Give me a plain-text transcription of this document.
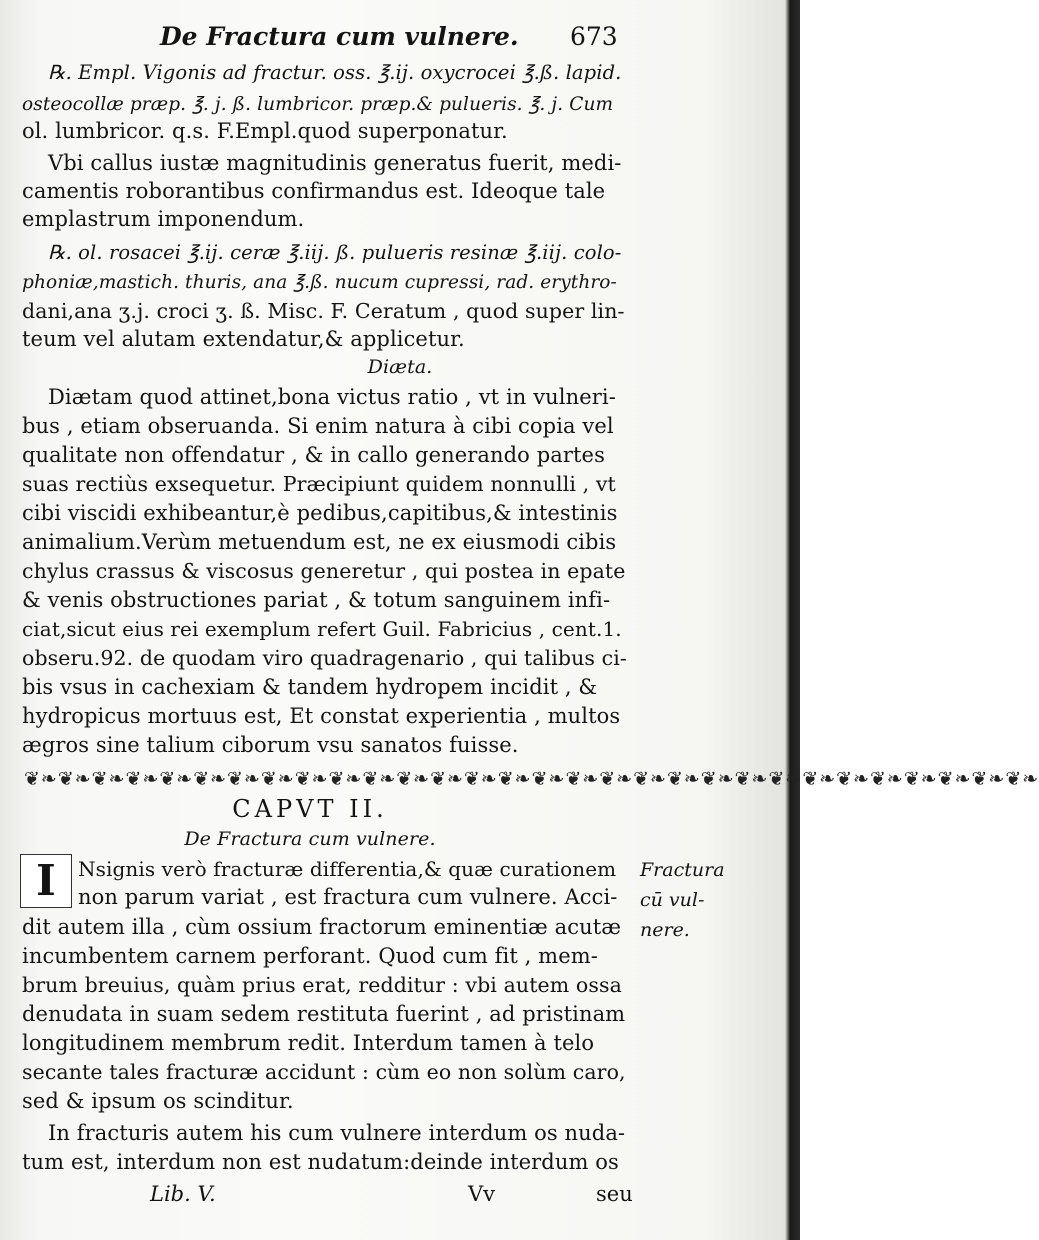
De Fractura cum vulnere. 673
℞. Empl. Vigonis ad fractur. oss. ℥.ij. oxycrocei ℥.ß. lapid.
osteocollæ præp. ℥. j. ß. lumbricor. præp.& pulueris. ℥. j. Cum
ol. lumbricor. q.s. F.Empl.quod superponatur.
Vbi callus iustæ magnitudinis generatus fuerit, medi-
camentis roborantibus confirmandus est. Ideoque tale
emplastrum imponendum.
℞. ol. rosacei ℥.ij. ceræ ℥.iij. ß. pulueris resinæ ℥.iij. colo-
phoniæ,mastich. thuris, ana ℥.ß. nucum cupressi, rad. erythro-
dani,ana ʒ.j. croci ʒ. ß. Misc. F. Ceratum , quod super lin-
teum vel alutam extendatur,& applicetur.
Diæta.
Diætam quod attinet,bona victus ratio , vt in vulneri-
bus , etiam obseruanda. Si enim natura à cibi copia vel
qualitate non offendatur , & in callo generando partes
suas rectiùs exsequetur. Præcipiunt quidem nonnulli , vt
cibi viscidi exhibeantur,è pedibus,capitibus,& intestinis
animalium.Verùm metuendum est, ne ex eiusmodi cibis
chylus crassus & viscosus generetur , qui postea in epate
& venis obstructiones pariat , & totum sanguinem infi-
ciat,sicut eius rei exemplum refert Guil. Fabricius , cent.1.
obseru.92. de quodam viro quadragenario , qui talibus ci-
bis vsus in cachexiam & tandem hydropem incidit , &
hydropicus mortuus est, Et constat experientia , multos
ægros sine talium ciborum vsu sanatos fuisse.
❦❧❦❧❦❧❦❧❦❧❦❧❦❧❦❧❦❧❦❧❦❧❦❧❦❧❦❧❦❧❦❧❦❧❦❧❦❧❦❧❦❧❦❧❦❧❦❧❦❧❦❧❦❧❦❧❦❧❦❧
CAPVT II.
De Fractura cum vulnere.
I	Nsignis verò fracturæ differentia,& quæ curationem
non parum variat , est fractura cum vulnere. Acci-
dit autem illa , cùm ossium fractorum eminentiæ acutæ
incumbentem carnem perforant. Quod cum fit , mem-
brum breuius, quàm prius erat, redditur : vbi autem ossa
denudata in suam sedem restituta fuerint , ad pristinam
longitudinem membrum redit. Interdum tamen à telo
secante tales fracturæ accidunt : cùm eo non solùm caro,
sed & ipsum os scinditur.
In fracturis autem his cum vulnere interdum os nuda-
tum est, interdum non est nudatum:deinde interdum os
Fractura
cū vul-
nere.
Lib. V.	Vv	seu
